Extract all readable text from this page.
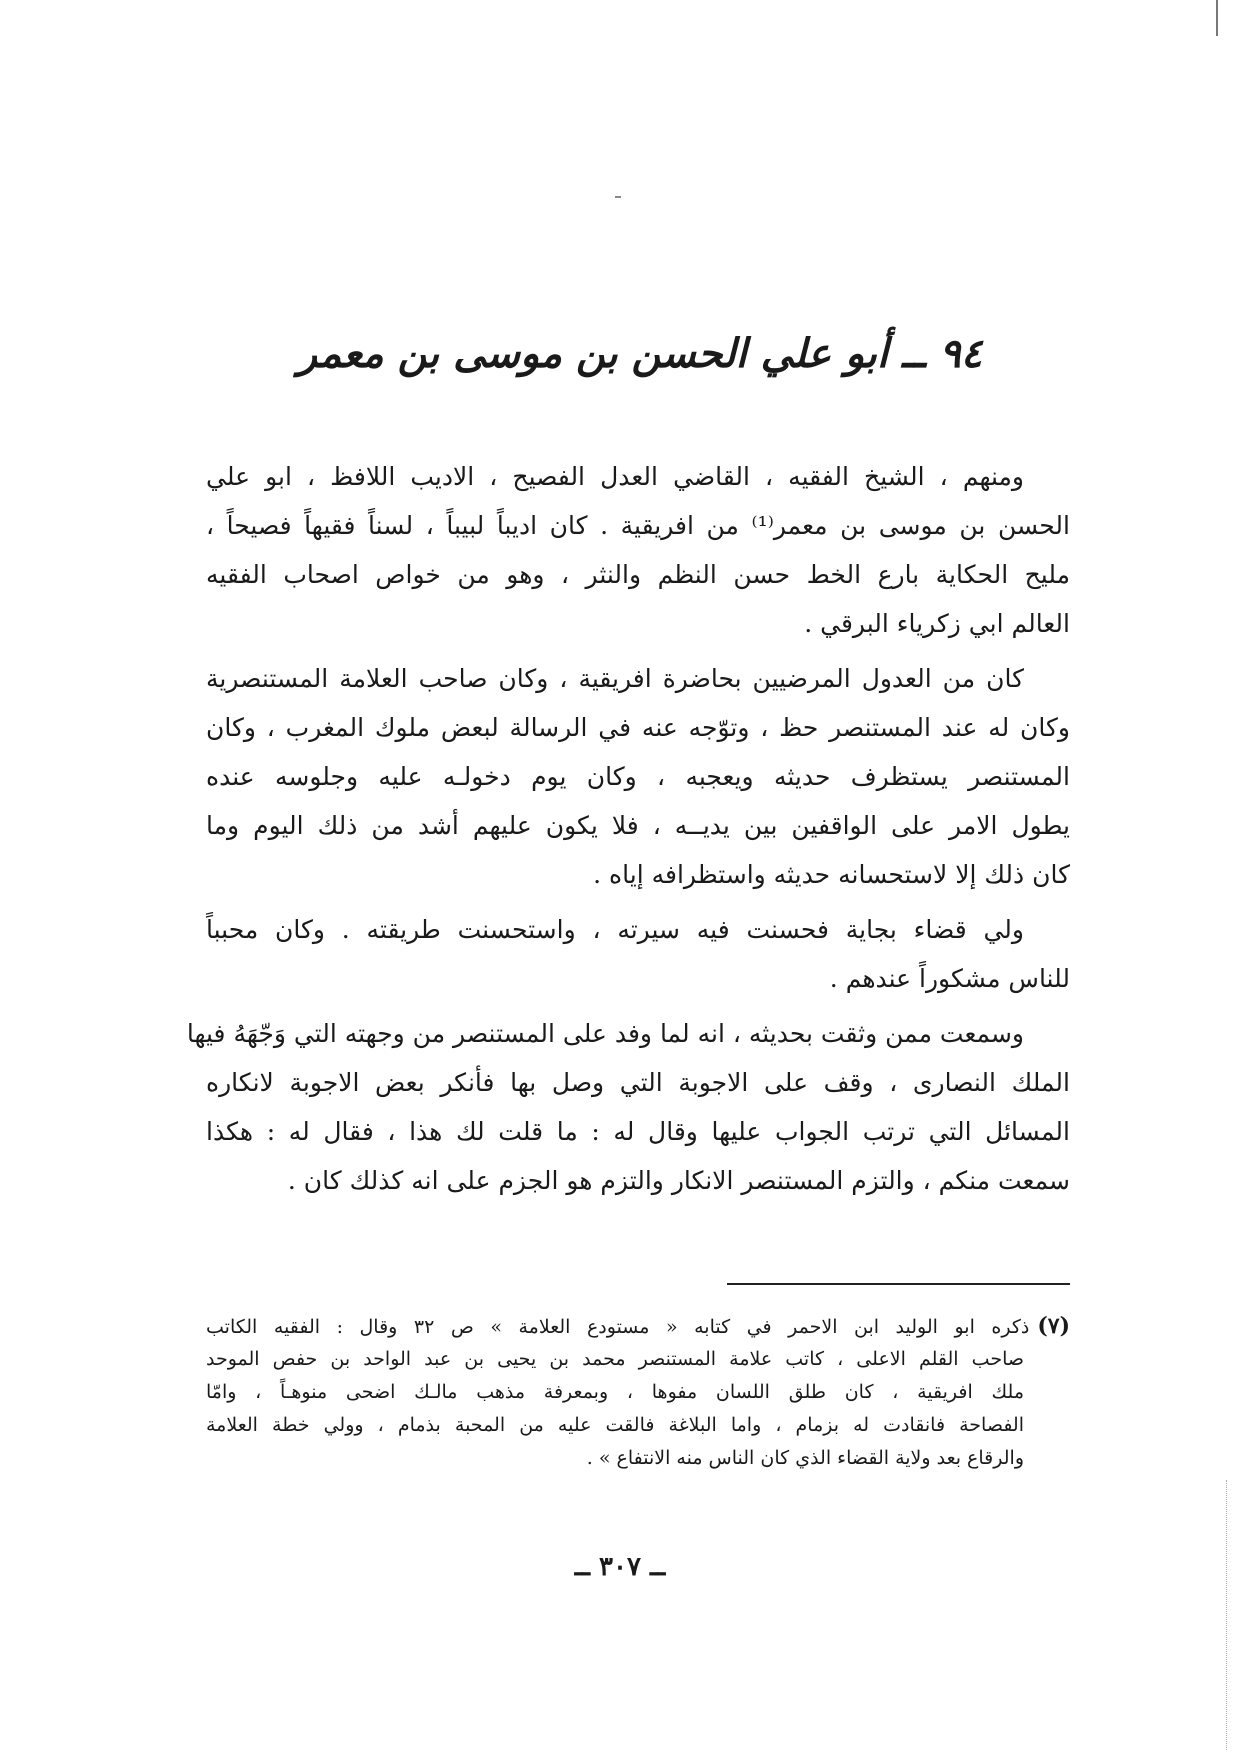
٩٤ ــ أبو علي الحسن بن موسى بن معمر
ومنهم ، الشيخ الفقيه ، القاضي العدل الفصيح ، الاديب اللافظ ، ابو علي
الحسن بن موسى بن معمر⁽¹⁾ من افريقية . كان اديباً لبيباً ، لسناً فقيهاً فصيحاً ،
مليح الحكاية بارع الخط حسن النظم والنثر ، وهو من خواص اصحاب الفقيه
العالم ابي زكرياء البرقي .
كان من العدول المرضيين بحاضرة افريقية ، وكان صاحب العلامة المستنصرية
وكان له عند المستنصر حظ ، وتوّجه عنه في الرسالة لبعض ملوك المغرب ، وكان
المستنصر يستظرف حديثه ويعجبه ، وكان يوم دخولـه عليه وجلوسه عنده
يطول الامر على الواقفين بين يديــه ، فلا يكون عليهم أشد من ذلك اليوم وما
كان ذلك إلا لاستحسانه حديثه واستظرافه إياه .
ولي قضاء بجاية فحسنت فيه سيرته ، واستحسنت طريقته . وكان محبباً
للناس مشكوراً عندهم .
وسمعت ممن وثقت بحديثه ، انه لما وفد على المستنصر من وجهته التي وَجّهَهُ فيها
الملك النصارى ، وقف على الاجوبة التي وصل بها فأنكر بعض الاجوبة لانكاره
المسائل التي ترتب الجواب عليها وقال له : ما قلت لك هذا ، فقال له : هكذا
سمعت منكم ، والتزم المستنصر الانكار والتزم هو الجزم على انه كذلك كان .
(٧)ذكره ابو الوليد ابن الاحمر في كتابه « مستودع العلامة » ص ٣٢ وقال : الفقيه الكاتب
صاحب القلم الاعلى ، كاتب علامة المستنصر محمد بن يحيى بن عبد الواحد بن حفص الموحد
ملك افريقية ، كان طلق اللسان مفوها ، وبمعرفة مذهب مالـك اضحى منوهـاً ، وامّا
الفصاحة فانقادت له بزمام ، واما البلاغة فالقت عليه من المحبة بذمام ، وولي خطة العلامة
والرقاع بعد ولاية القضاء الذي كان الناس منه الانتفاع » .
ــ ٣٠٧ ــ
